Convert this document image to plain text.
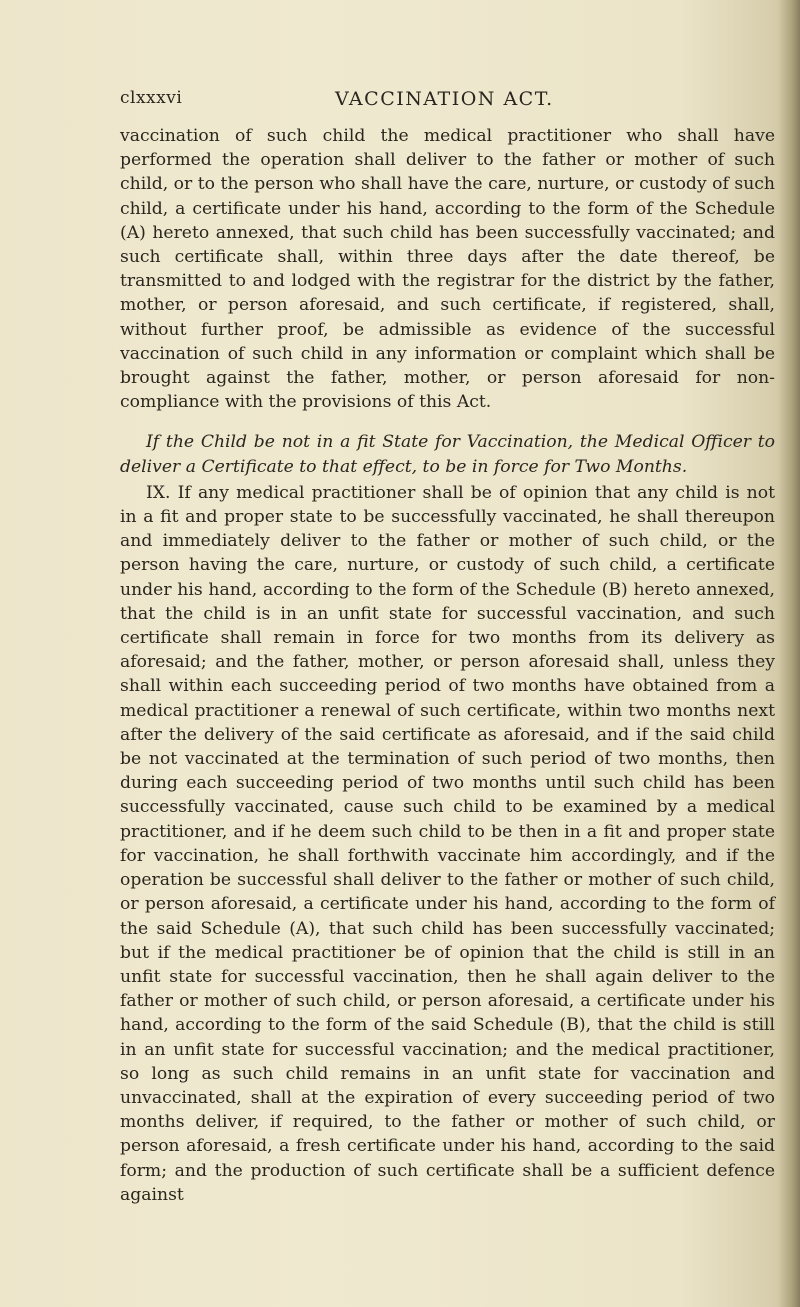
clxxxvi	VACCINATION ACT.

vaccination of such child the medical practitioner who shall have performed the operation shall deliver to the father or mother of such child, or to the person who shall have the care, nurture, or custody of such child, a certificate under his hand, according to the form of the Schedule (A) hereto annexed, that such child has been successfully vaccinated; and such certificate shall, within three days after the date thereof, be transmitted to and lodged with the registrar for the district by the father, mother, or person aforesaid, and such certificate, if registered, shall, without further proof, be admissible as evidence of the successful vaccination of such child in any information or complaint which shall be brought against the father, mother, or person aforesaid for non-compliance with the provisions of this Act.

If the Child be not in a fit State for Vaccination, the Medical Officer to deliver a Certificate to that effect, to be in force for Two Months.

IX. If any medical practitioner shall be of opinion that any child is not in a fit and proper state to be successfully vaccinated, he shall thereupon and immediately deliver to the father or mother of such child, or the person having the care, nurture, or custody of such child, a certificate under his hand, according to the form of the Schedule (B) hereto annexed, that the child is in an unfit state for successful vaccination, and such certificate shall remain in force for two months from its delivery as aforesaid; and the father, mother, or person aforesaid shall, unless they shall within each succeeding period of two months have obtained from a medical practitioner a renewal of such certificate, within two months next after the delivery of the said certificate as aforesaid, and if the said child be not vaccinated at the termination of such period of two months, then during each succeeding period of two months until such child has been successfully vaccinated, cause such child to be examined by a medical practitioner, and if he deem such child to be then in a fit and proper state for vaccination, he shall forthwith vaccinate him accordingly, and if the operation be successful shall deliver to the father or mother of such child, or person aforesaid, a certificate under his hand, according to the form of the said Schedule (A), that such child has been successfully vaccinated; but if the medical practitioner be of opinion that the child is still in an unfit state for successful vaccination, then he shall again deliver to the father or mother of such child, or person aforesaid, a certificate under his hand, according to the form of the said Schedule (B), that the child is still in an unfit state for successful vaccination; and the medical practitioner, so long as such child remains in an unfit state for vaccination and unvaccinated, shall at the expiration of every succeeding period of two months deliver, if required, to the father or mother of such child, or person aforesaid, a fresh certificate under his hand, according to the said form; and the production of such certificate shall be a sufficient defence against
